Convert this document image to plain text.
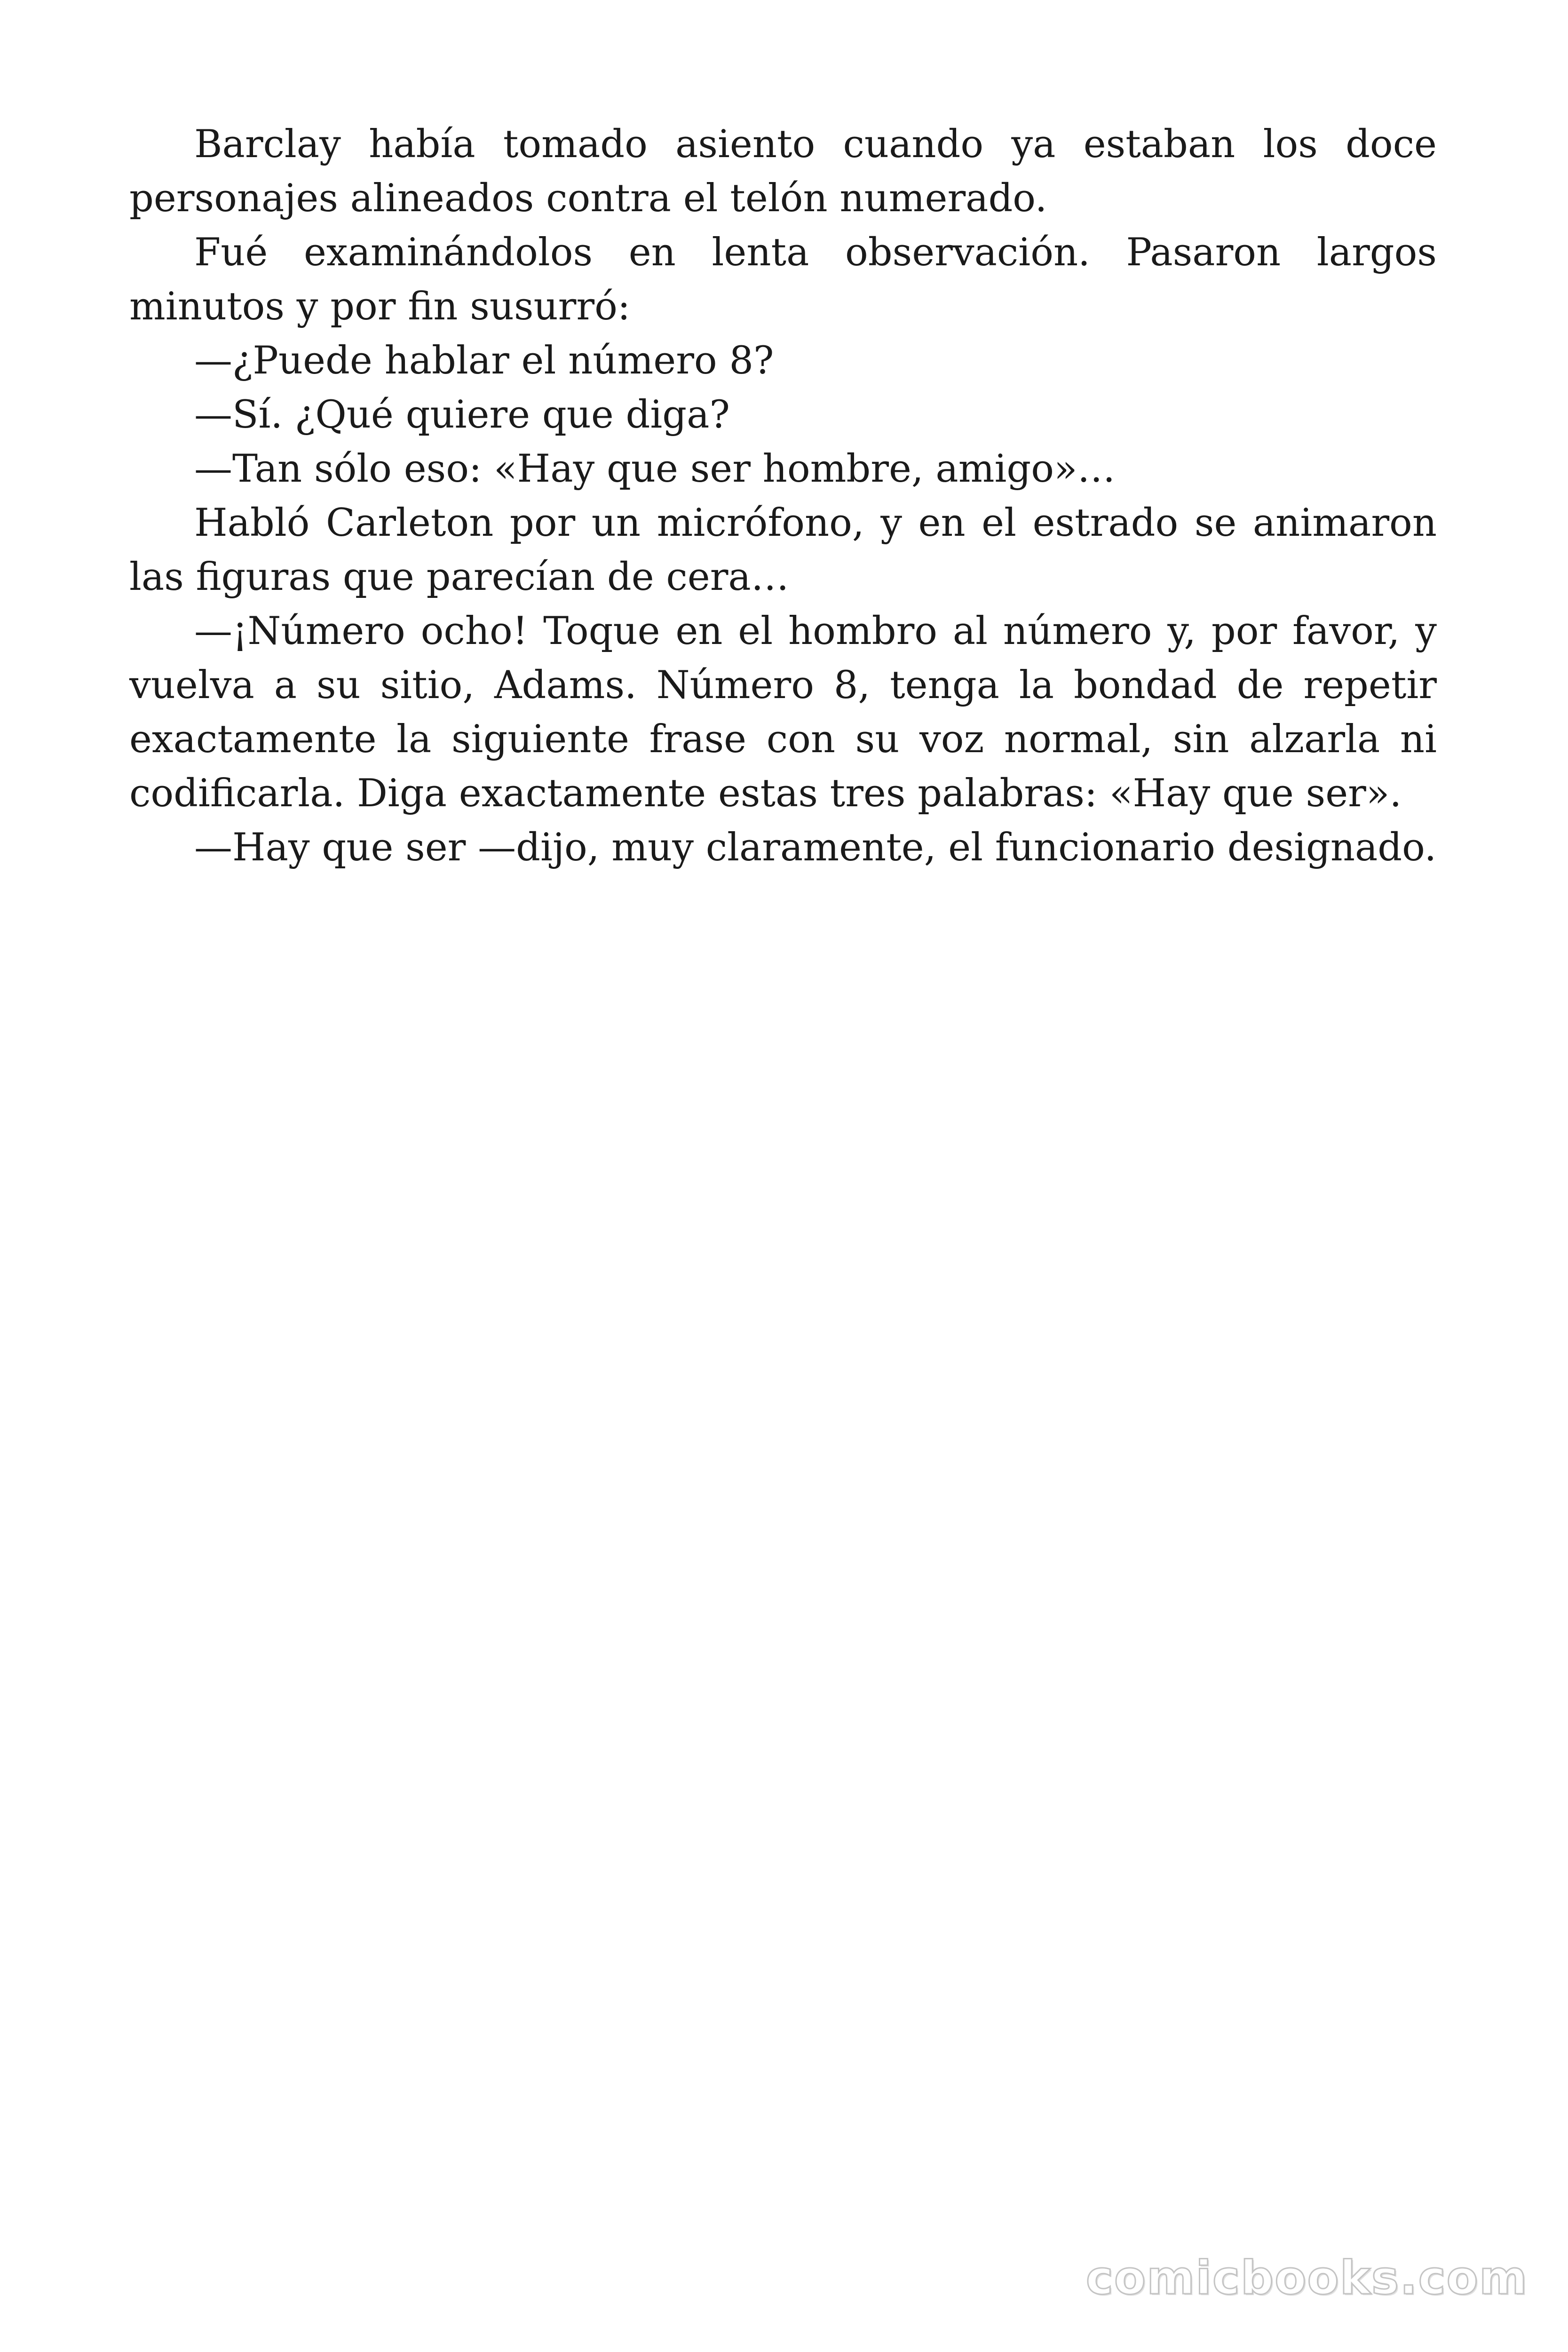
Barclay había tomado asiento cuando ya estaban los doce personajes alineados contra el telón numerado.

Fué examinándolos en lenta observación. Pasaron largos minutos y por fin susurró:

—¿Puede hablar el número 8?

—Sí. ¿Qué quiere que diga?

—Tan sólo eso: «Hay que ser hombre, amigo»…

Habló Carleton por un micrófono, y en el estrado se animaron las figuras que parecían de cera…

—¡Número ocho! Toque en el hombro al número y, por favor, y vuelva a su sitio, Adams. Número 8, tenga la bondad de repetir exactamente la siguiente frase con su voz normal, sin alzarla ni codificarla. Diga exactamente estas tres palabras: «Hay que ser».

—Hay que ser —dijo, muy claramente, el funcionario designado.

comicbooks.com
